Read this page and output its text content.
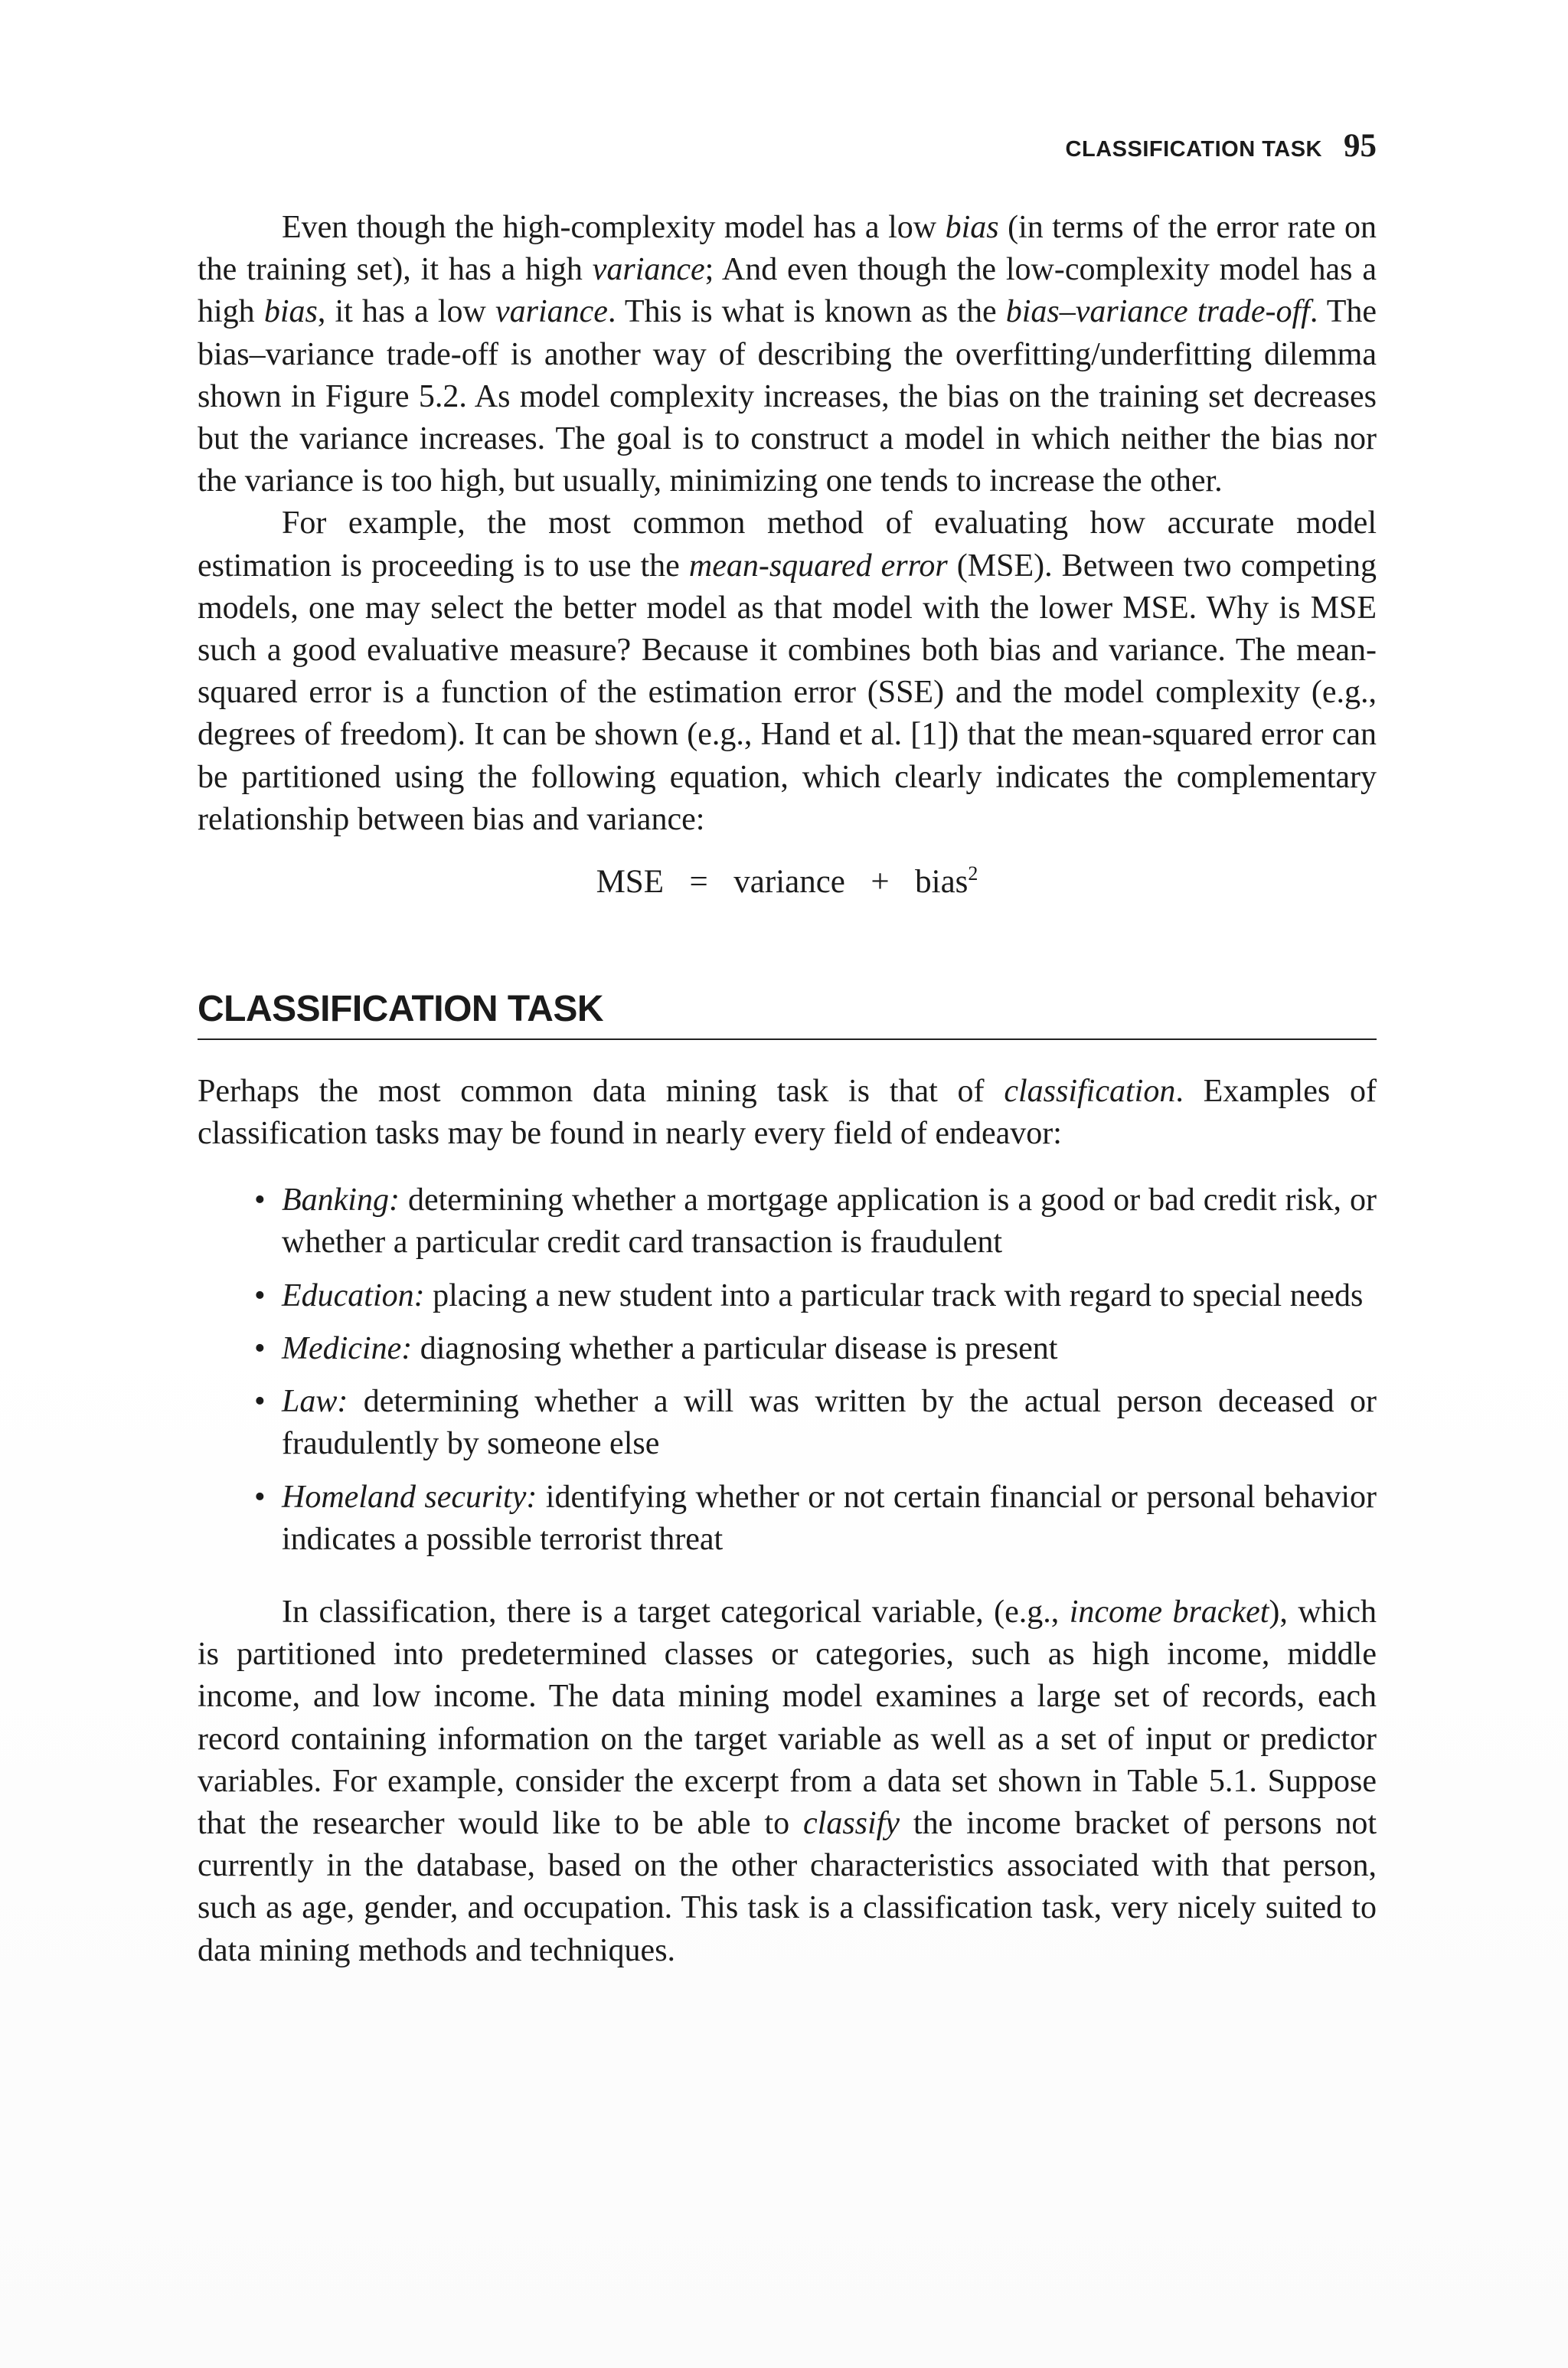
CLASSIFICATION TASK 95

Even though the high-complexity model has a low bias (in terms of the error rate on the training set), it has a high variance; And even though the low-complexity model has a high bias, it has a low variance. This is what is known as the bias–variance trade-off. The bias–variance trade-off is another way of describing the overfitting/underfitting dilemma shown in Figure 5.2. As model complexity increases, the bias on the training set decreases but the variance increases. The goal is to construct a model in which neither the bias nor the variance is too high, but usually, minimizing one tends to increase the other.

For example, the most common method of evaluating how accurate model estimation is proceeding is to use the mean-squared error (MSE). Between two competing models, one may select the better model as that model with the lower MSE. Why is MSE such a good evaluative measure? Because it combines both bias and variance. The mean-squared error is a function of the estimation error (SSE) and the model complexity (e.g., degrees of freedom). It can be shown (e.g., Hand et al. [1]) that the mean-squared error can be partitioned using the following equation, which clearly indicates the complementary relationship between bias and variance:

MSE = variance + bias$^2$
CLASSIFICATION TASK

Perhaps the most common data mining task is that of classification. Examples of classification tasks may be found in nearly every field of endeavor:

• Banking: determining whether a mortgage application is a good or bad credit risk, or whether a particular credit card transaction is fraudulent
• Education: placing a new student into a particular track with regard to special needs
• Medicine: diagnosing whether a particular disease is present
• Law: determining whether a will was written by the actual person deceased or fraudulently by someone else
• Homeland security: identifying whether or not certain financial or personal behavior indicates a possible terrorist threat

In classification, there is a target categorical variable, (e.g., income bracket), which is partitioned into predetermined classes or categories, such as high income, middle income, and low income. The data mining model examines a large set of records, each record containing information on the target variable as well as a set of input or predictor variables. For example, consider the excerpt from a data set shown in Table 5.1. Suppose that the researcher would like to be able to classify the income bracket of persons not currently in the database, based on the other characteristics associated with that person, such as age, gender, and occupation. This task is a classification task, very nicely suited to data mining methods and techniques.
